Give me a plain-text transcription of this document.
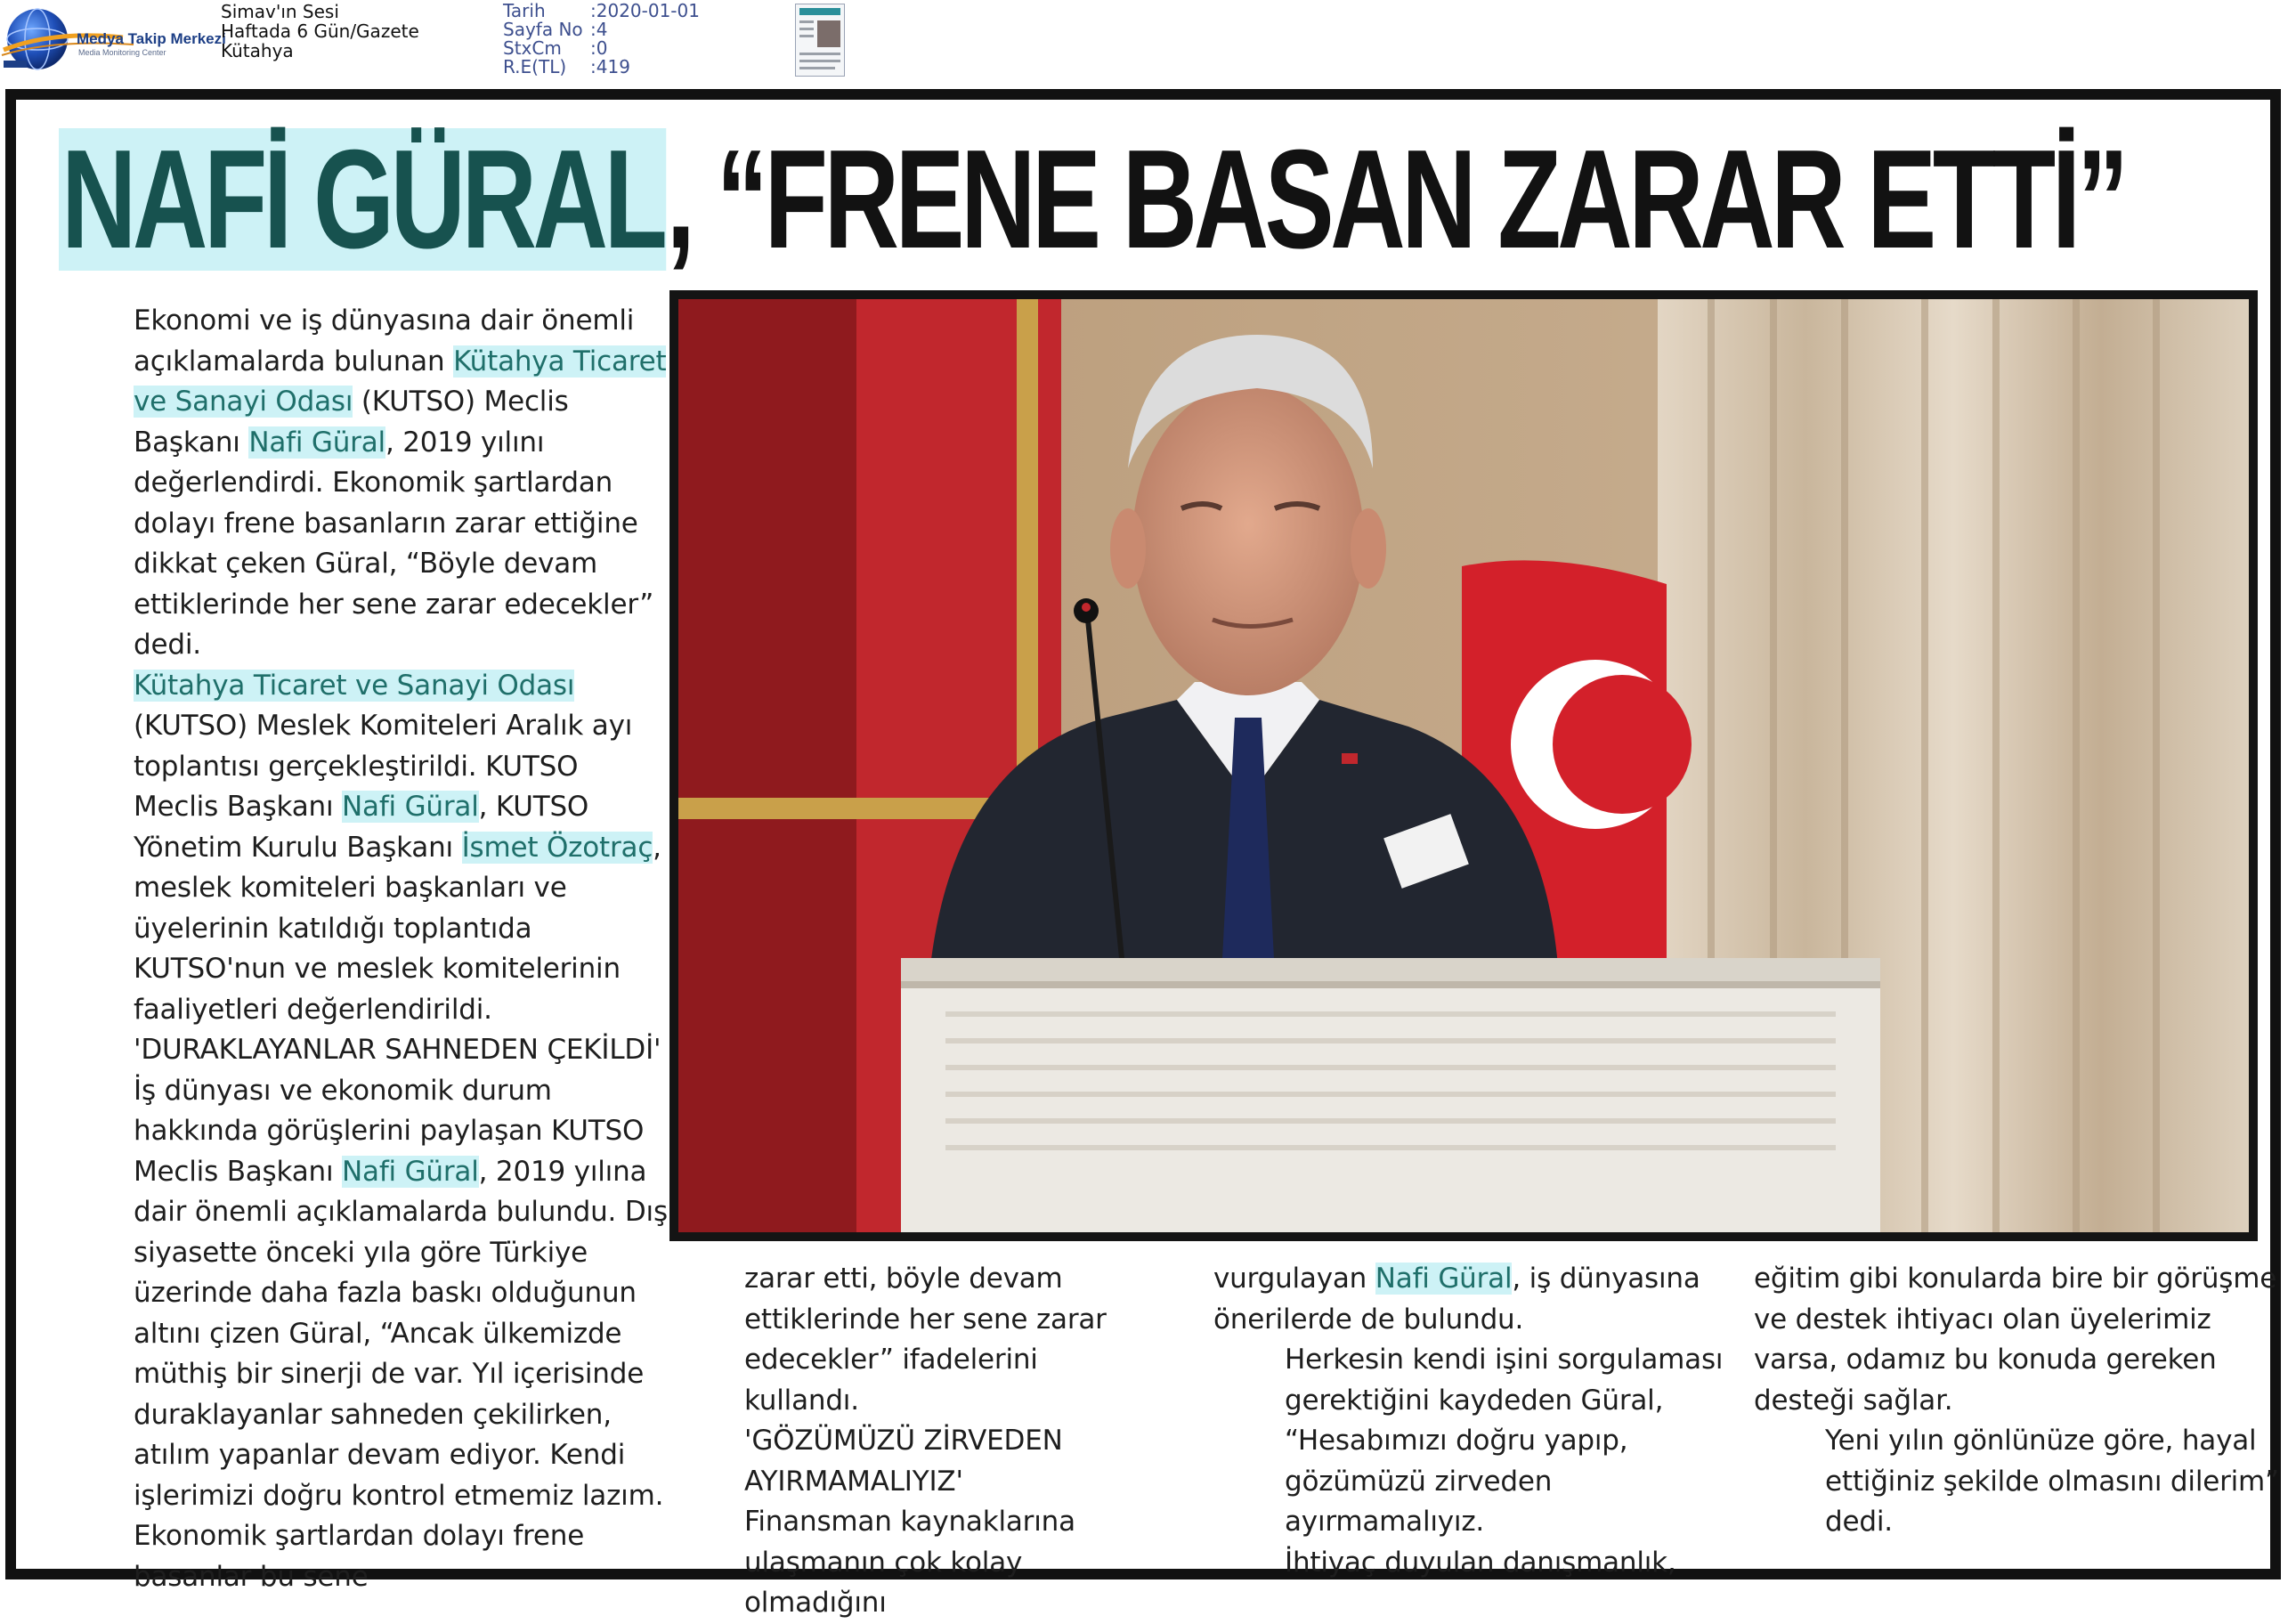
Medya Takip Merkezi
Media Monitoring Center
Simav'ın Sesi
Haftada 6 Gün/Gazete
Kütahya
Tarih	:2020-01-01
Sayfa No :4
StxCm	:0
R.E(TL)	:419
NAFİ GÜRAL , “FRENE BASAN ZARAR ETTİ”

Ekonomi ve iş dünyasına dair önemli açıklamalarda bulunan Kütahya Ticaret ve Sanayi Odası (KUTSO) Meclis Başkanı Nafi Güral, 2019 yılını değerlendirdi. Ekonomik şartlardan dolayı frene basanların zarar ettiğine dikkat çeken Güral, “Böyle devam ettiklerinde her sene zarar edecekler” dedi.

Kütahya Ticaret ve Sanayi Odası (KUTSO) Meslek Komiteleri Aralık ayı toplantısı gerçekleştirildi. KUTSO Meclis Başkanı Nafi Güral, KUTSO Yönetim Kurulu Başkanı İsmet Özotraç, meslek komiteleri başkanları ve üyelerinin katıldığı toplantıda KUTSO'nun ve meslek komitelerinin faaliyetleri değerlendirildi.

'DURAKLAYANLAR SAHNEDEN ÇEKİLDİ'

İş dünyası ve ekonomik durum hakkında görüşlerini paylaşan KUTSO Meclis Başkanı Nafi Güral, 2019 yılına dair önemli açıklamalarda bulundu. Dış siyasette önceki yıla göre Türkiye üzerinde daha fazla baskı olduğunun altını çizen Güral, “Ancak ülkemizde müthiş bir sinerji de var. Yıl içerisinde duraklayanlar sahneden çekilirken, atılım yapanlar devam ediyor. Kendi işlerimizi doğru kontrol etmemiz lazım. Ekonomik şartlardan dolayı frene basanlar bu sene

zarar etti, böyle devam ettiklerinde her sene zarar edecekler” ifadelerini kullandı.

'GÖZÜMÜZÜ ZİRVEDEN AYIRMAMALIYIZ'

Finansman kaynaklarına ulaşmanın çok kolay olmadığını

vurgulayan Nafi Güral, iş dünyasına önerilerde de bulundu.

Herkesin kendi işini sorgulaması gerektiğini kaydeden Güral, “Hesabımızı doğru yapıp, gözümüzü zirveden ayırmamalıyız.

İhtiyaç duyulan danışmanlık,

eğitim gibi konularda bire bir görüşme ve destek ihtiyacı olan üyelerimiz varsa, odamız bu konuda gereken desteği sağlar.

Yeni yılın gönlünüze göre, hayal ettiğiniz şekilde olmasını dilerim” dedi.
